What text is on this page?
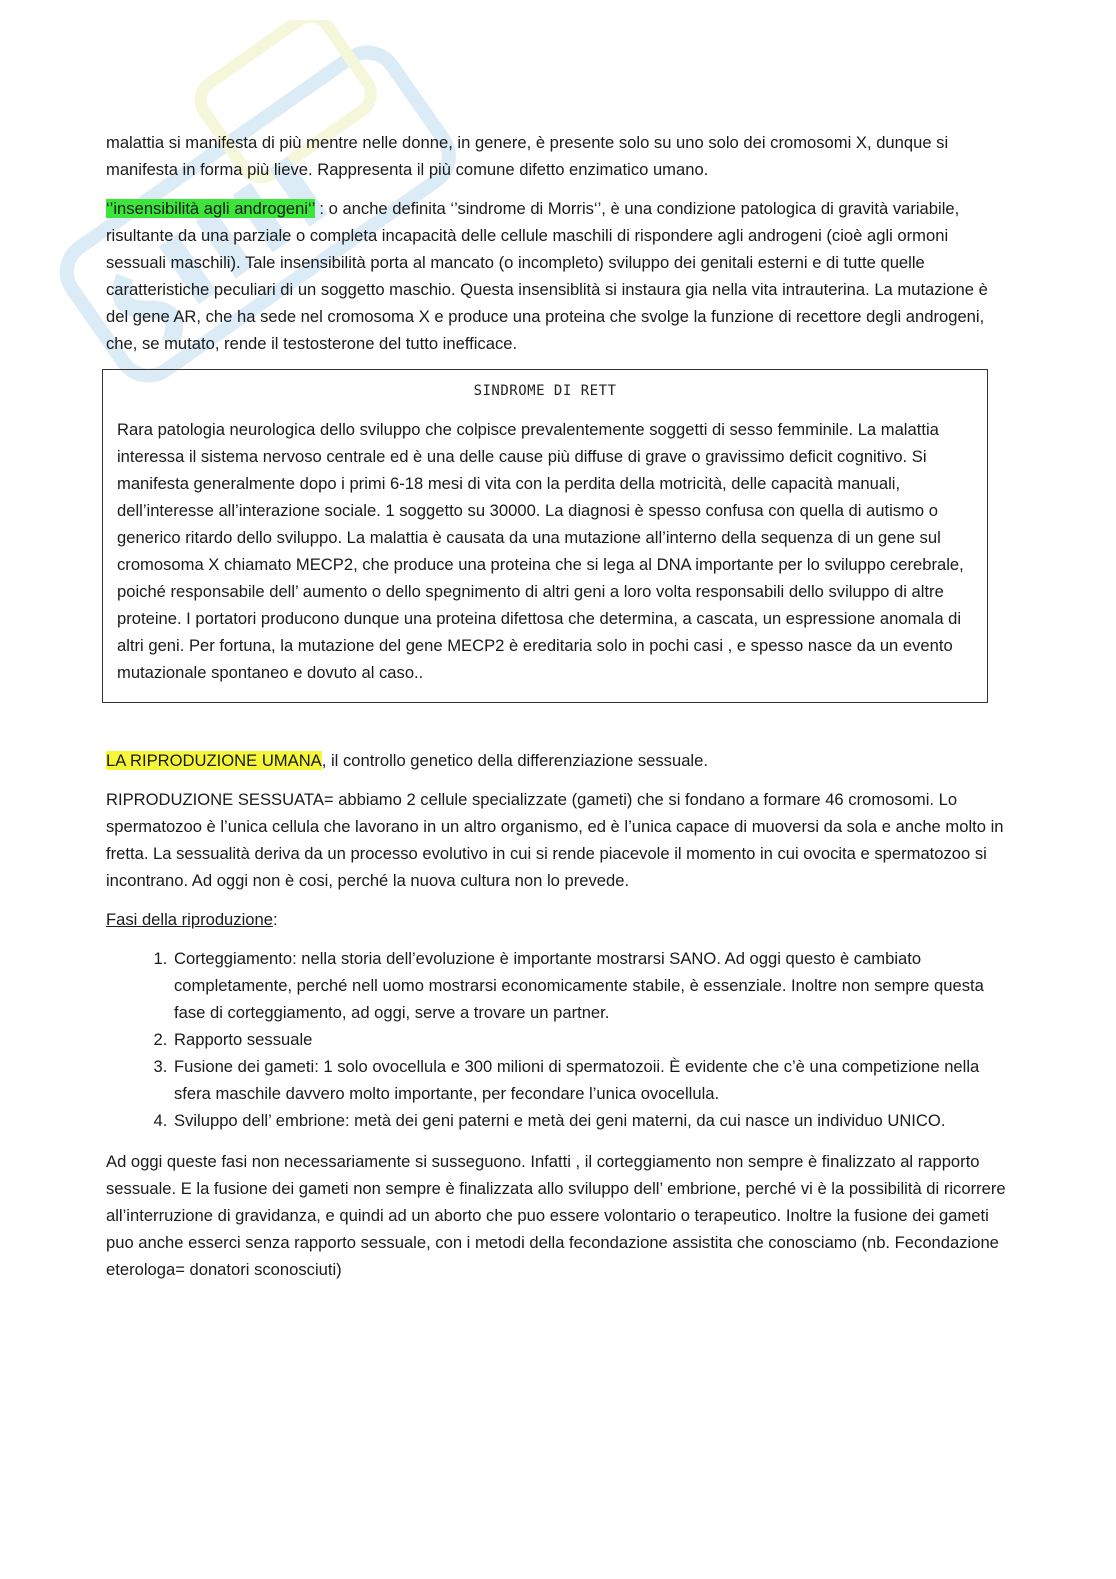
malattia si manifesta di più mentre nelle donne, in genere, è presente solo su uno solo dei cromosomi X, dunque si manifesta in forma più lieve. Rappresenta il più comune difetto enzimatico umano.

‘’insensibilità agli androgeni‘’ : o anche definita ‘’sindrome di Morris‘’, è una condizione patologica di gravità variabile, risultante da una parziale o completa incapacità delle cellule maschili di rispondere agli androgeni (cioè agli ormoni sessuali maschili). Tale insensibilità porta al mancato (o incompleto) sviluppo dei genitali esterni e di tutte quelle caratteristiche peculiari di un soggetto maschio. Questa insensiblità si instaura gia nella vita intrauterina. La mutazione è del gene AR, che ha sede nel cromosoma X e produce una proteina che svolge la funzione di recettore degli androgeni, che, se mutato, rende il testosterone del tutto inefficace.

SINDROME DI RETT

Rara patologia neurologica dello sviluppo che colpisce prevalentemente soggetti di sesso femminile. La malattia interessa il sistema nervoso centrale ed è una delle cause più diffuse di grave o gravissimo deficit cognitivo. Si manifesta generalmente dopo i primi 6-18 mesi di vita con la perdita della motricità, delle capacità manuali, dell’interesse all’interazione sociale. 1 soggetto su 30000. La diagnosi è spesso confusa con quella di autismo o generico ritardo dello sviluppo. La malattia è causata da una mutazione all’interno della sequenza di un gene sul cromosoma X chiamato MECP2, che produce una proteina che si lega al DNA importante per lo sviluppo cerebrale, poiché responsabile dell’ aumento o dello spegnimento di altri geni a loro volta responsabili dello sviluppo di altre proteine. I portatori producono dunque una proteina difettosa che determina, a cascata, un espressione anomala di altri geni. Per fortuna, la mutazione del gene MECP2 è ereditaria solo in pochi casi , e spesso nasce da un evento mutazionale spontaneo e dovuto al caso..

LA RIPRODUZIONE UMANA, il controllo genetico della differenziazione sessuale.

RIPRODUZIONE SESSUATA= abbiamo 2 cellule specializzate (gameti) che si fondano a formare 46 cromosomi. Lo spermatozoo è l’unica cellula che lavorano in un altro organismo, ed è l’unica capace di muoversi da sola e anche molto in fretta. La sessualità deriva da un processo evolutivo in cui si rende piacevole il momento in cui ovocita e spermatozoo si incontrano. Ad oggi non è cosi, perché la nuova cultura non lo prevede.

Fasi della riproduzione:

1. Corteggiamento: nella storia dell’evoluzione è importante mostrarsi SANO. Ad oggi questo è cambiato completamente, perché nell uomo mostrarsi economicamente stabile, è essenziale. Inoltre non sempre questa fase di corteggiamento, ad oggi, serve a trovare un partner.
2. Rapporto sessuale
3. Fusione dei gameti: 1 solo ovocellula e 300 milioni di spermatozoii. È evidente che c’è una competizione nella sfera maschile davvero molto importante, per fecondare l’unica ovocellula.
4. Sviluppo dell’ embrione: metà dei geni paterni e metà dei geni materni, da cui nasce un individuo UNICO.

Ad oggi queste fasi non necessariamente si susseguono. Infatti , il corteggiamento non sempre è finalizzato al rapporto sessuale. E la fusione dei gameti non sempre è finalizzata allo sviluppo dell’ embrione, perché vi è la possibilità di ricorrere all’interruzione di gravidanza, e quindi ad un aborto che puo essere volontario o terapeutico. Inoltre la fusione dei gameti puo anche esserci senza rapporto sessuale, con i metodi della fecondazione assistita che conosciamo (nb. Fecondazione eterologa= donatori sconosciuti)
